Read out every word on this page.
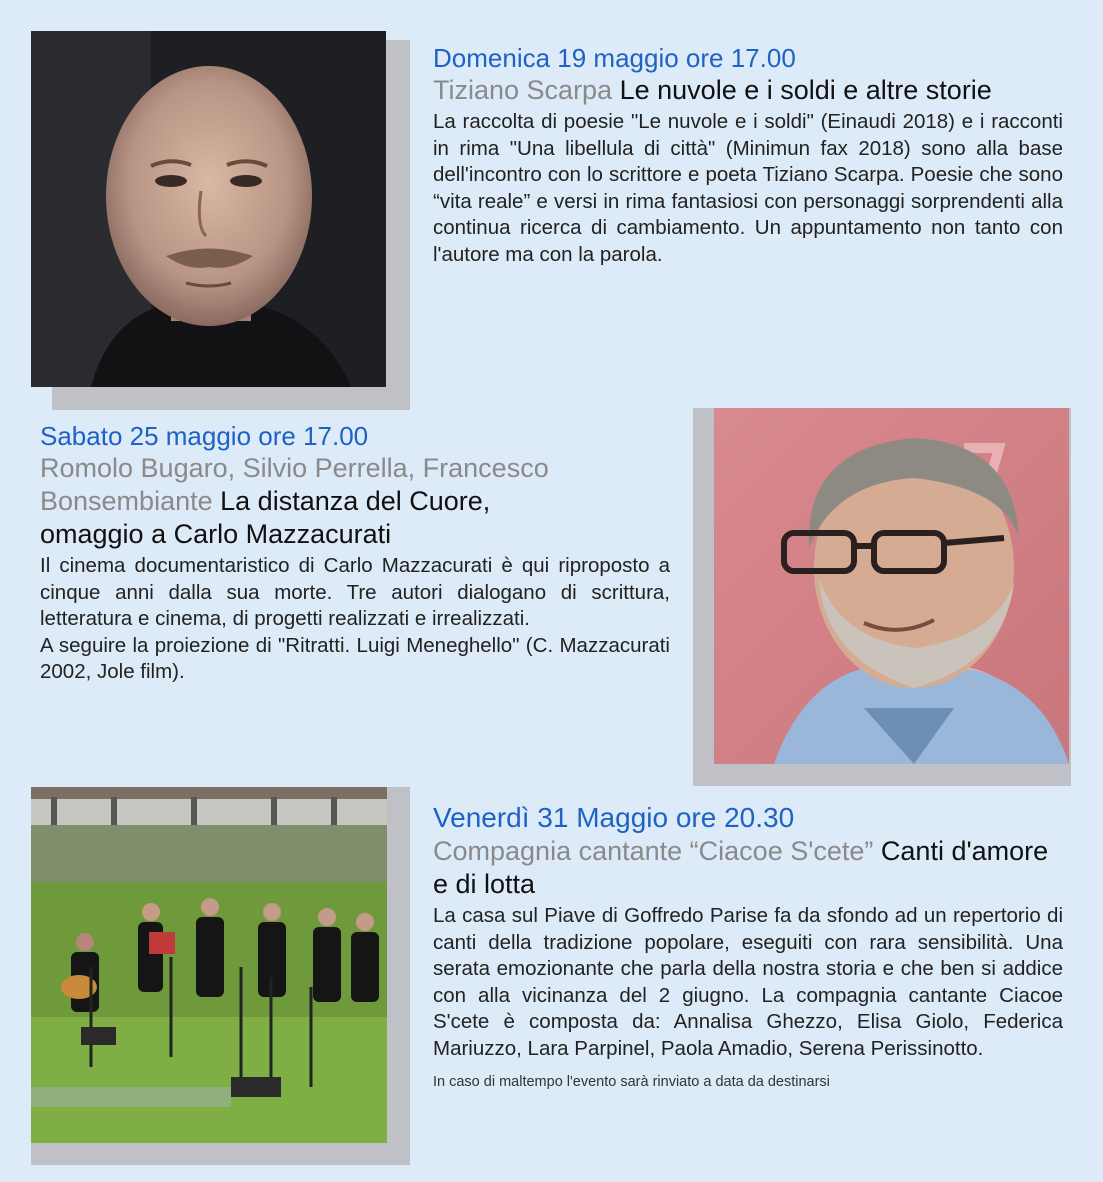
Domenica 19 maggio ore 17.00
Tiziano Scarpa Le nuvole e i soldi e altre storie
La raccolta di poesie "Le nuvole e i soldi" (Einaudi 2018) e i racconti in rima "Una libellula di città" (Minimun fax 2018) sono alla base dell'incontro con lo scrittore e poeta Tiziano Scarpa. Poesie che sono “vita reale” e versi in rima fantasiosi con personaggi sorprendenti alla continua ricerca di cambiamento. Un appuntamento non tanto con l'autore ma con la parola.
Sabato 25 maggio ore 17.00
Romolo Bugaro, Silvio Perrella, Francesco Bonsembiante La distanza del Cuore,
omaggio a Carlo Mazzacurati

Il cinema documentaristico di Carlo Mazzacurati è qui riproposto a cinque anni dalla sua morte. Tre autori dialogano di scrittura, letteratura e cinema, di progetti realizzati e irrealizzati.

A seguire la proiezione di "Ritratti. Luigi Meneghello" (C. Mazzacurati 2002, Jole film).

Venerdì 31 Maggio ore 20.30
Compagnia cantante “Ciacoe S'cete” Canti d'amore e di lotta
La casa sul Piave di Goffredo Parise fa da sfondo ad un repertorio di canti della tradizione popolare, eseguiti con rara sensibilità. Una serata emozionante che parla della nostra storia e che ben si addice con alla vicinanza del 2 giugno. La compagnia cantante Ciacoe S'cete è composta da: Annalisa Ghezzo, Elisa Giolo, Federica Mariuzzo, Lara Parpinel, Paola Amadio, Serena Perissinotto.
In caso di maltempo l'evento sarà rinviato a data da destinarsi
